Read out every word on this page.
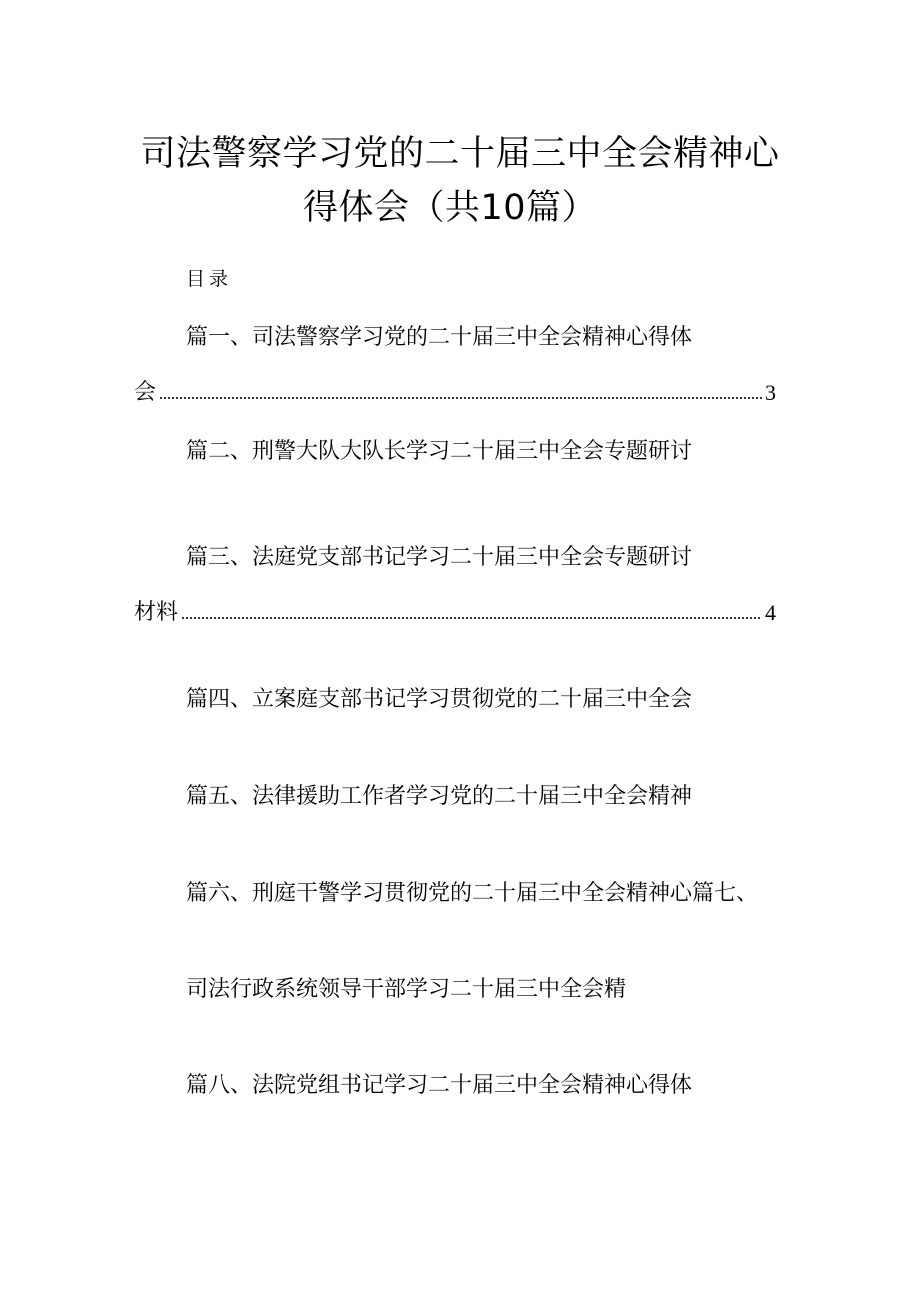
司法警察学习党的二十届三中全会精神心
得体会（共10篇）
目录
篇一、司法警察学习党的二十届三中全会精神心得体
会	3
篇二、刑警大队大队长学习二十届三中全会专题研讨
篇三、法庭党支部书记学习二十届三中全会专题研讨
材料	4
篇四、立案庭支部书记学习贯彻党的二十届三中全会
篇五、法律援助工作者学习党的二十届三中全会精神
篇六、刑庭干警学习贯彻党的二十届三中全会精神心篇七、
司法行政系统领导干部学习二十届三中全会精
篇八、法院党组书记学习二十届三中全会精神心得体
